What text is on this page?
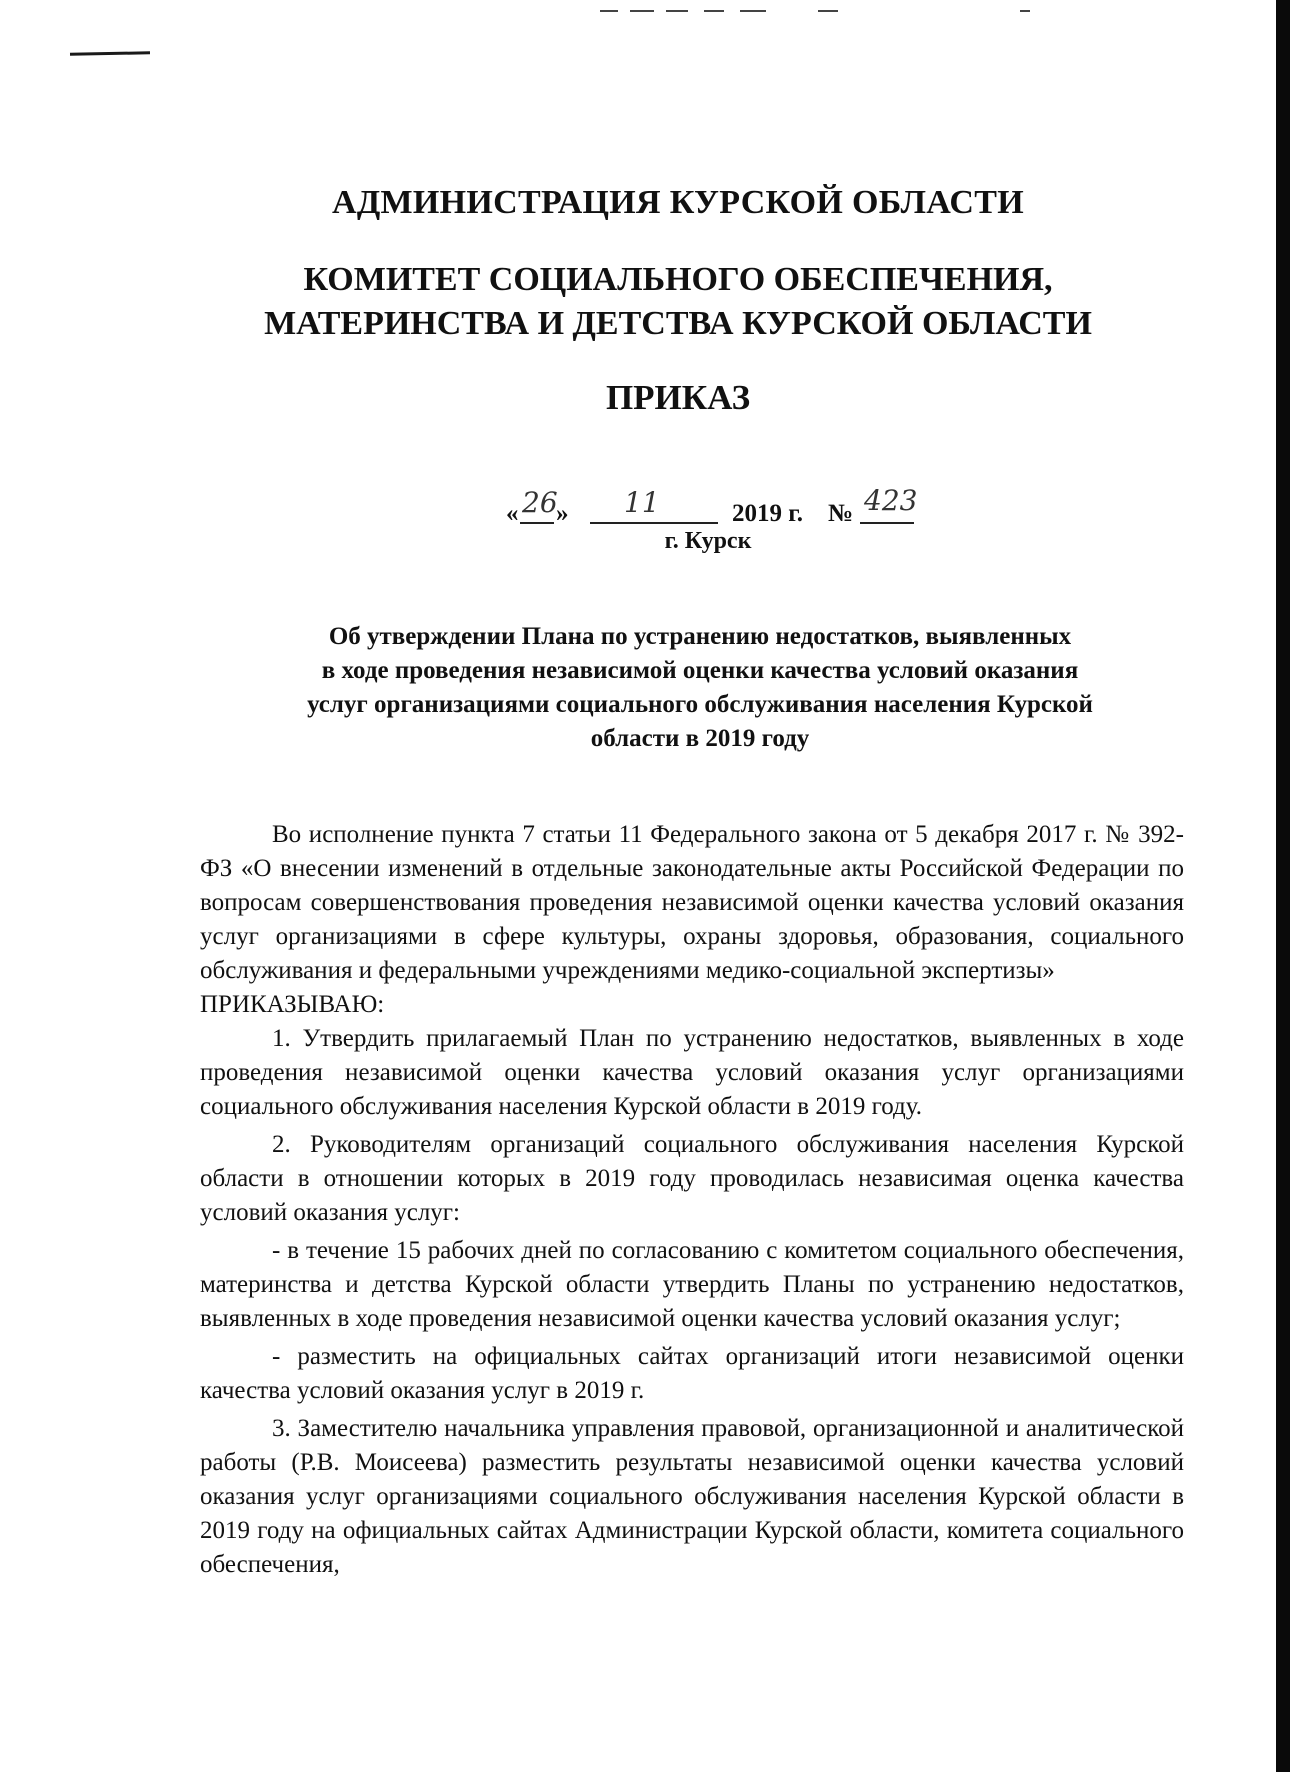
АДМИНИСТРАЦИЯ КУРСКОЙ ОБЛАСТИ
КОМИТЕТ СОЦИАЛЬНОГО ОБЕСПЕЧЕНИЯ,
МАТЕРИНСТВА И ДЕТСТВА КУРСКОЙ ОБЛАСТИ
ПРИКАЗ
« 26
» 11	2019 г. № 423
г. Курск
Об утверждении Плана по устранению недостатков, выявленных
в ходе проведения независимой оценки качества условий оказания
услуг организациями социального обслуживания населения Курской
области в 2019 году

Во исполнение пункта 7 статьи 11 Федерального закона от 5 декабря 2017 г. № 392-ФЗ «О внесении изменений в отдельные законодательные акты Российской Федерации по вопросам совершенствования проведения независимой оценки качества условий оказания услуг организациями в сфере культуры, охраны здоровья, образования, социального обслуживания и федеральными учреждениями медико-социальной экспертизы»

ПРИКАЗЫВАЮ:

1. Утвердить прилагаемый План по устранению недостатков, выявленных в ходе проведения независимой оценки качества условий оказания услуг организациями социального обслуживания населения Курской области в 2019 году.

2. Руководителям организаций социального обслуживания населения Курской области в отношении которых в 2019 году проводилась независимая оценка качества условий оказания услуг:

- в течение 15 рабочих дней по согласованию с комитетом социального обеспечения, материнства и детства Курской области утвердить Планы по устранению недостатков, выявленных в ходе проведения независимой оценки качества условий оказания услуг;

- разместить на официальных сайтах организаций итоги независимой оценки качества условий оказания услуг в 2019 г.

3. Заместителю начальника управления правовой, организационной и аналитической работы (Р.В. Моисеева) разместить результаты независимой оценки качества условий оказания услуг организациями социального обслуживания населения Курской области в 2019 году на официальных сайтах Администрации Курской области, комитета социального обеспечения,
